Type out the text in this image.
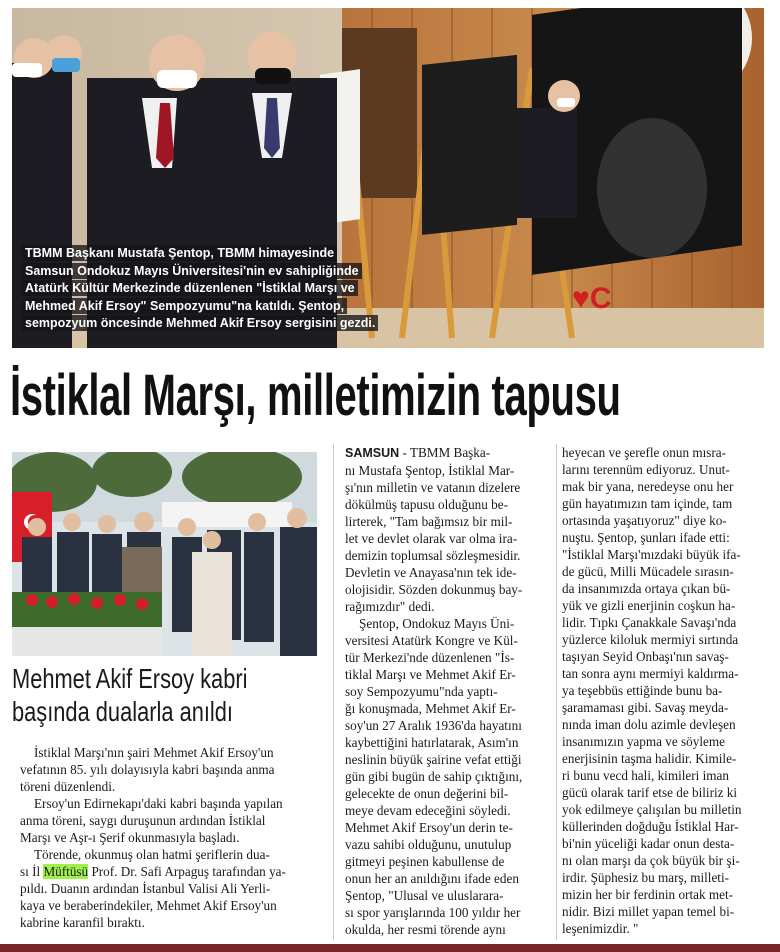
♥C
TBMM Başkanı Mustafa Şentop, TBMM himayesinde
Samsun Ondokuz Mayıs Üniversitesi'nin ev sahipliğinde
Atatürk Kültür Merkezinde düzenlenen "İstiklal Marşı ve
Mehmed Akif Ersoy" Sempozyumu"na katıldı. Şentop,
sempozyum öncesinde Mehmed Akif Ersoy sergisini gezdi.
İstiklal Marşı, milletimizin tapusu
Mehmet Akif Ersoy kabri
başında dualarla anıldı

İstiklal Marşı'nın şairi Mehmet Akif Ersoy'un
vefatının 85. yılı dolayısıyla kabri başında anma
töreni düzenlendi.

Ersoy'un Edirnekapı'daki kabri başında yapılan
anma töreni, saygı duruşunun ardından İstiklal
Marşı ve Aşr-ı Şerif okunmasıyla başladı.

Törende, okunmuş olan hatmi şeriflerin dua-
sı İl Müftüsü Prof. Dr. Safi Arpaguş tarafından ya-
pıldı. Duanın ardından İstanbul Valisi Ali Yerli-
kaya ve beraberindekiler, Mehmet Akif Ersoy'un
kabrine karanfil bıraktı.

SAMSUN - TBMM Başka-
nı Mustafa Şentop, İstiklal Mar-
şı'nın milletin ve vatanın dizelere
dökülmüş tapusu olduğunu be-
lirterek, "Tam bağımsız bir mil-
let ve devlet olarak var olma ira-
demizin toplumsal sözleşmesidir.
Devletin ve Anayasa'nın tek ide-
olojisidir. Sözden dokunmuş bay-
rağımızdır" dedi.
Şentop, Ondokuz Mayıs Üni-
versitesi Atatürk Kongre ve Kül-
tür Merkezi'nde düzenlenen "İs-
tiklal Marşı ve Mehmet Akif Er-
soy Sempozyumu"nda yaptı-
ğı konuşmada, Mehmet Akif Er-
soy'un 27 Aralık 1936'da hayatını
kaybettiğini hatırlatarak, Asım'ın
neslinin büyük şairine vefat ettiği
gün gibi bugün de sahip çıktığını,
gelecekte de onun değerini bil-
meye devam edeceğini söyledi.
Mehmet Akif Ersoy'un derin te-
vazu sahibi olduğunu, unutulup
gitmeyi peşinen kabullense de
onun her an anıldığını ifade eden
Şentop, "Ulusal ve uluslarara-
sı spor yarışlarında 100 yıldır her
okulda, her resmi törende aynı
heyecan ve şerefle onun mısra-
larını terennüm ediyoruz. Unut-
mak bir yana, neredeyse onu her
gün hayatımızın tam içinde, tam
ortasında yaşatıyoruz" diye ko-
nuştu. Şentop, şunları ifade etti:
"İstiklal Marşı'mızdaki büyük ifa-
de gücü, Milli Mücadele sırasın-
da insanımızda ortaya çıkan bü-
yük ve gizli enerjinin coşkun ha-
lidir. Tıpkı Çanakkale Savaşı'nda
yüzlerce kiloluk mermiyi sırtında
taşıyan Seyid Onbaşı'nın savaş-
tan sonra aynı mermiyi kaldırma-
ya teşebbüs ettiğinde bunu ba-
şaramaması gibi. Savaş meyda-
nında iman dolu azimle devleşen
insanımızın yapma ve söyleme
enerjisinin taşma halidir. Kimile-
ri bunu vecd hali, kimileri iman
gücü olarak tarif etse de biliriz ki
yok edilmeye çalışılan bu milletin
küllerinden doğduğu İstiklal Har-
bi'nin yüceliği kadar onun desta-
nı olan marşı da çok büyük bir şi-
irdir. Şüphesiz bu marş, milleti-
mizin her bir ferdinin ortak met-
nidir. Bizi millet yapan temel bi-
leşenimizdir. "
